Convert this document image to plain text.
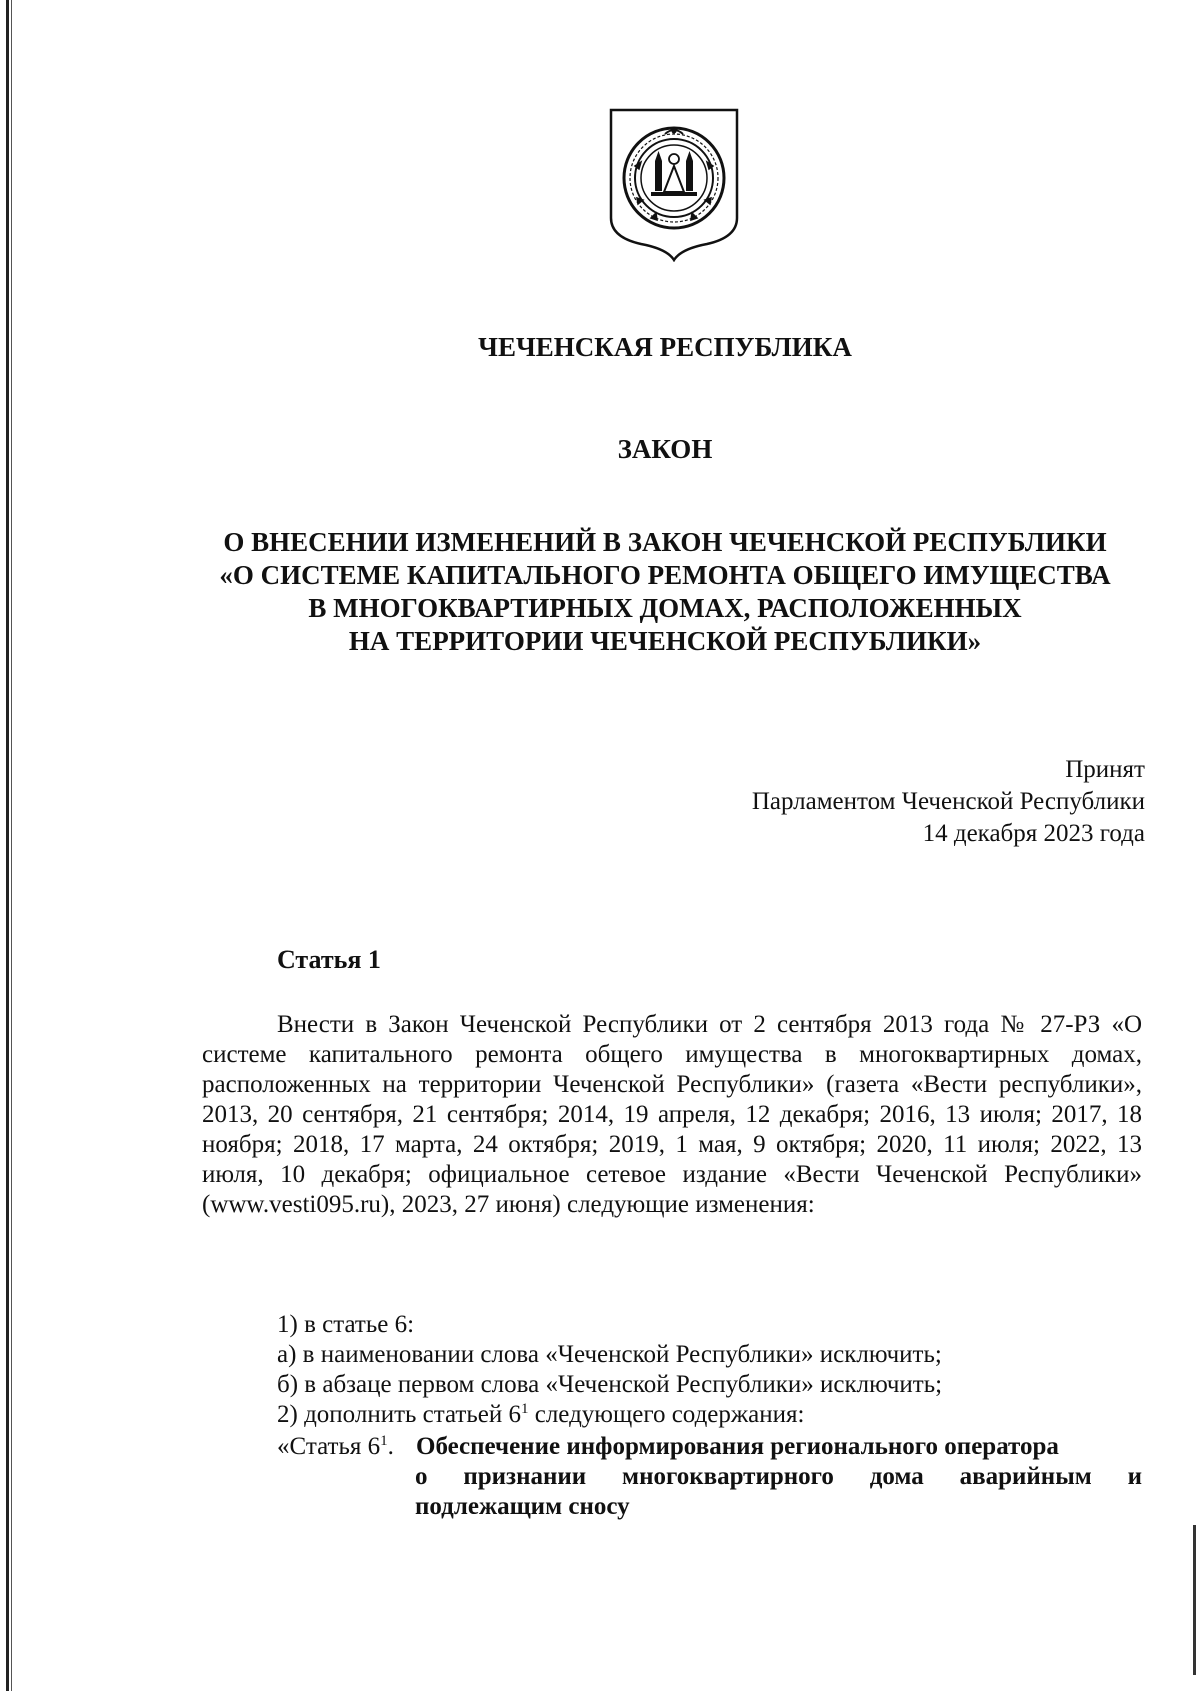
ЧЕЧЕНСКАЯ РЕСПУБЛИКА
ЗАКОН
О ВНЕСЕНИИ ИЗМЕНЕНИЙ В ЗАКОН ЧЕЧЕНСКОЙ РЕСПУБЛИКИ
«О СИСТЕМЕ КАПИТАЛЬНОГО РЕМОНТА ОБЩЕГО ИМУЩЕСТВА
В МНОГОКВАРТИРНЫХ ДОМАХ, РАСПОЛОЖЕННЫХ
НА ТЕРРИТОРИИ ЧЕЧЕНСКОЙ РЕСПУБЛИКИ»
Принят
Парламентом Чеченской Республики
14 декабря 2023 года
Статья 1

Внести в Закон Чеченской Республики от 2 сентября 2013 года № 27-РЗ «О системе капитального ремонта общего имущества в многоквартирных домах, расположенных на территории Чеченской Республики» (газета «Вести республики», 2013, 20 сентября, 21 сентября; 2014, 19 апреля, 12 декабря; 2016, 13 июля; 2017, 18 ноября; 2018, 17 марта, 24 октября; 2019, 1 мая, 9 октября; 2020, 11 июля; 2022, 13 июля, 10 декабря; официальное сетевое издание «Вести Чеченской Республики» (www.vesti095.ru), 2023, 27 июня) следующие изменения:

1) в статье 6:

а) в наименовании слова «Чеченской Республики» исключить;

б) в абзаце первом слова «Чеченской Республики» исключить;

2) дополнить статьей $6^1$ следующего содержания:

«Статья $6^1$. Обеспечение информирования регионального оператора
о признании многоквартирного дома аварийным и
подлежащим сносу
